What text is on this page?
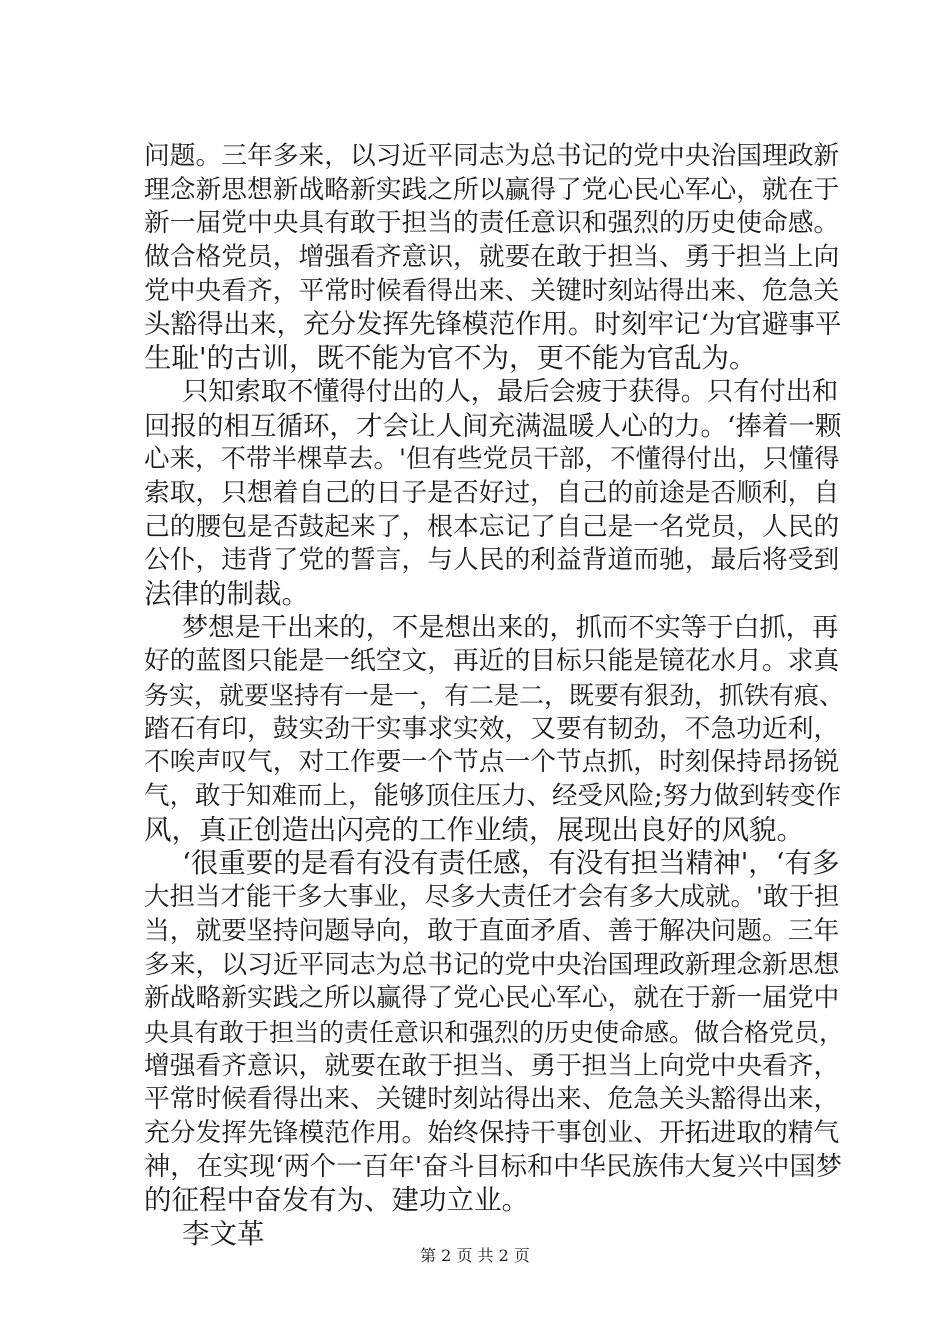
问题。三年多来，以习近平同志为总书记的党中央治国理政新
理念新思想新战略新实践之所以赢得了党心民心军心，就在于
新一届党中央具有敢于担当的责任意识和强烈的历史使命感。
做合格党员，增强看齐意识，就要在敢于担当、勇于担当上向
党中央看齐，平常时候看得出来、关键时刻站得出来、危急关
头豁得出来，充分发挥先锋模范作用。时刻牢记‘为官避事平
生耻'的古训，既不能为官不为，更不能为官乱为。
只知索取不懂得付出的人，最后会疲于获得。只有付出和
回报的相互循环，才会让人间充满温暖人心的力。‘捧着一颗
心来，不带半棵草去。'但有些党员干部，不懂得付出，只懂得
索取，只想着自己的日子是否好过，自己的前途是否顺利，自
己的腰包是否鼓起来了，根本忘记了自己是一名党员，人民的
公仆，违背了党的誓言，与人民的利益背道而驰，最后将受到
法律的制裁。
梦想是干出来的，不是想出来的，抓而不实等于白抓，再
好的蓝图只能是一纸空文，再近的目标只能是镜花水月。求真
务实，就要坚持有一是一，有二是二，既要有狠劲，抓铁有痕、
踏石有印，鼓实劲干实事求实效，又要有韧劲，不急功近利，
不唉声叹气，对工作要一个节点一个节点抓，时刻保持昂扬锐
气，敢于知难而上，能够顶住压力、经受风险;努力做到转变作
风，真正创造出闪亮的工作业绩，展现出良好的风貌。
‘很重要的是看有没有责任感，有没有担当精神'，‘有多
大担当才能干多大事业，尽多大责任才会有多大成就。'敢于担
当，就要坚持问题导向，敢于直面矛盾、善于解决问题。三年
多来，以习近平同志为总书记的党中央治国理政新理念新思想
新战略新实践之所以赢得了党心民心军心，就在于新一届党中
央具有敢于担当的责任意识和强烈的历史使命感。做合格党员，
增强看齐意识，就要在敢于担当、勇于担当上向党中央看齐，
平常时候看得出来、关键时刻站得出来、危急关头豁得出来，
充分发挥先锋模范作用。始终保持干事创业、开拓进取的精气
神，在实现‘两个一百年'奋斗目标和中华民族伟大复兴中国梦
的征程中奋发有为、建功立业。
李文革
第 2 页 共 2 页
